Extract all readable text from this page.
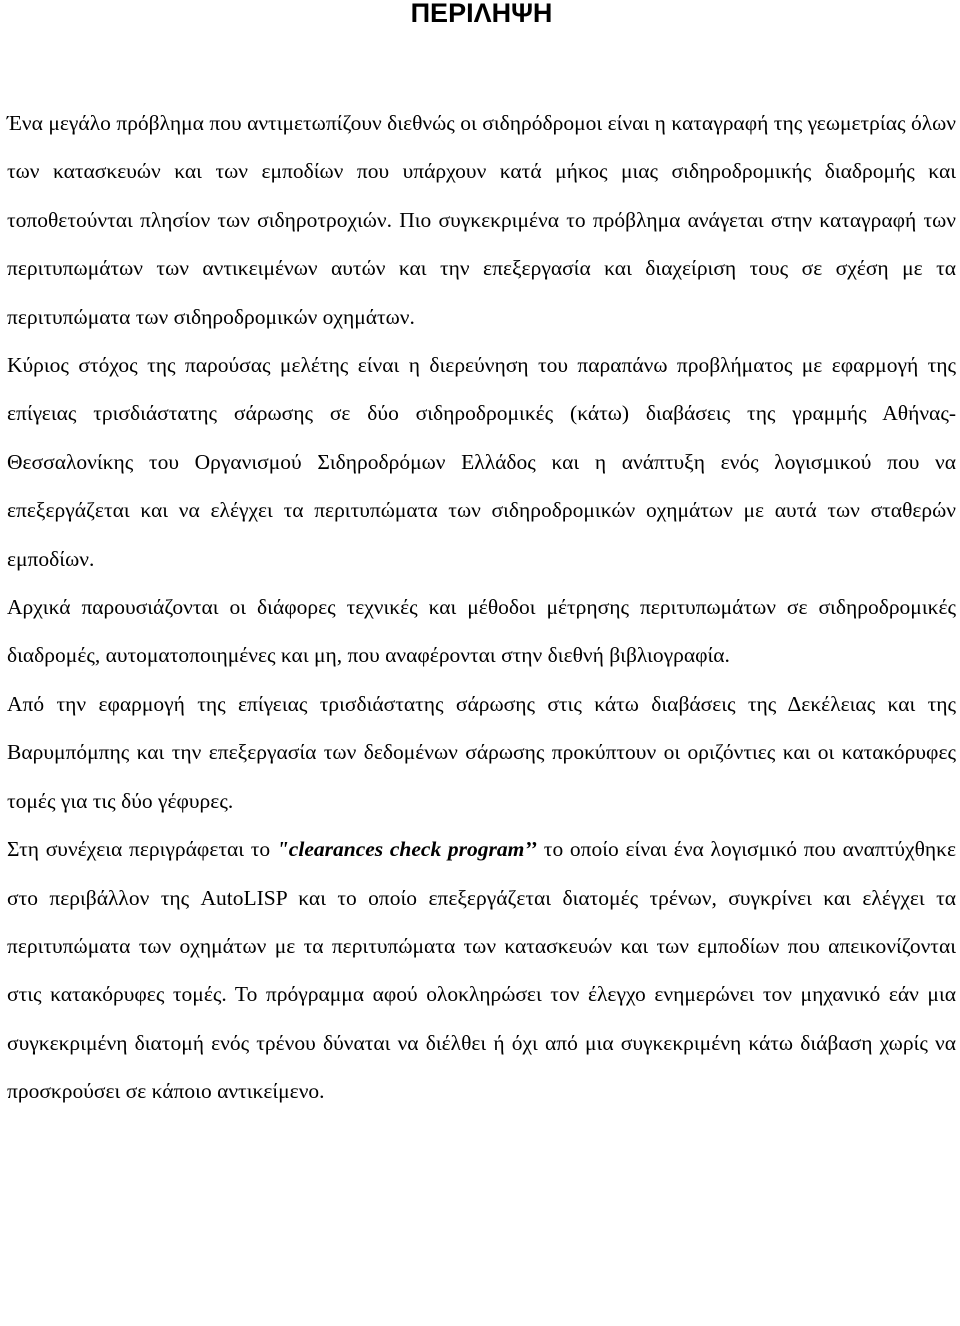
ΠΕΡΙΛΗΨΗ

Ένα μεγάλο πρόβλημα που αντιμετωπίζουν διεθνώς οι σιδηρόδρομοι είναι η καταγραφή της γεωμετρίας όλων των κατασκευών και των εμποδίων που υπάρχουν κατά μήκος μιας σιδηροδρομικής διαδρομής και τοποθετούνται πλησίον των σιδηροτροχιών. Πιο συγκεκριμένα το πρόβλημα ανάγεται στην καταγραφή των περιτυπωμάτων των αντικειμένων αυτών και την επεξεργασία και διαχείριση τους σε σχέση με τα περιτυπώματα των σιδηροδρομικών οχημάτων.

Κύριος στόχος της παρούσας μελέτης είναι η διερεύνηση του παραπάνω προβλήματος με εφαρμογή της επίγειας τρισδιάστατης σάρωσης σε δύο σιδηροδρομικές (κάτω) διαβάσεις της γραμμής Αθήνας-Θεσσαλονίκης του Οργανισμού Σιδηροδρόμων Ελλάδος και η ανάπτυξη ενός λογισμικού που να επεξεργάζεται και να ελέγχει τα περιτυπώματα των σιδηροδρομικών οχημάτων με αυτά των σταθερών εμποδίων.

Αρχικά παρουσιάζονται οι διάφορες τεχνικές και μέθοδοι μέτρησης περιτυπωμάτων σε σιδηροδρομικές διαδρομές, αυτοματοποιημένες και μη, που αναφέρονται στην διεθνή βιβλιογραφία.

Από την εφαρμογή της επίγειας τρισδιάστατης σάρωσης στις κάτω διαβάσεις της Δεκέλειας και της Βαρυμπόμπης και την επεξεργασία των δεδομένων σάρωσης προκύπτουν οι οριζόντιες και οι κατακόρυφες τομές για τις δύο γέφυρες.

Στη συνέχεια περιγράφεται το "clearances check program’’ το οποίο είναι ένα λογισμικό που αναπτύχθηκε στο περιβάλλον της AutoLISP και το οποίο επεξεργάζεται διατομές τρένων, συγκρίνει και ελέγχει τα περιτυπώματα των οχημάτων με τα περιτυπώματα των κατασκευών και των εμποδίων που απεικονίζονται στις κατακόρυφες τομές. Το πρόγραμμα αφού ολοκληρώσει τον έλεγχο ενημερώνει τον μηχανικό εάν μια συγκεκριμένη διατομή ενός τρένου δύναται να διέλθει ή όχι από μια συγκεκριμένη κάτω διάβαση χωρίς να προσκρούσει σε κάποιο αντικείμενο.
